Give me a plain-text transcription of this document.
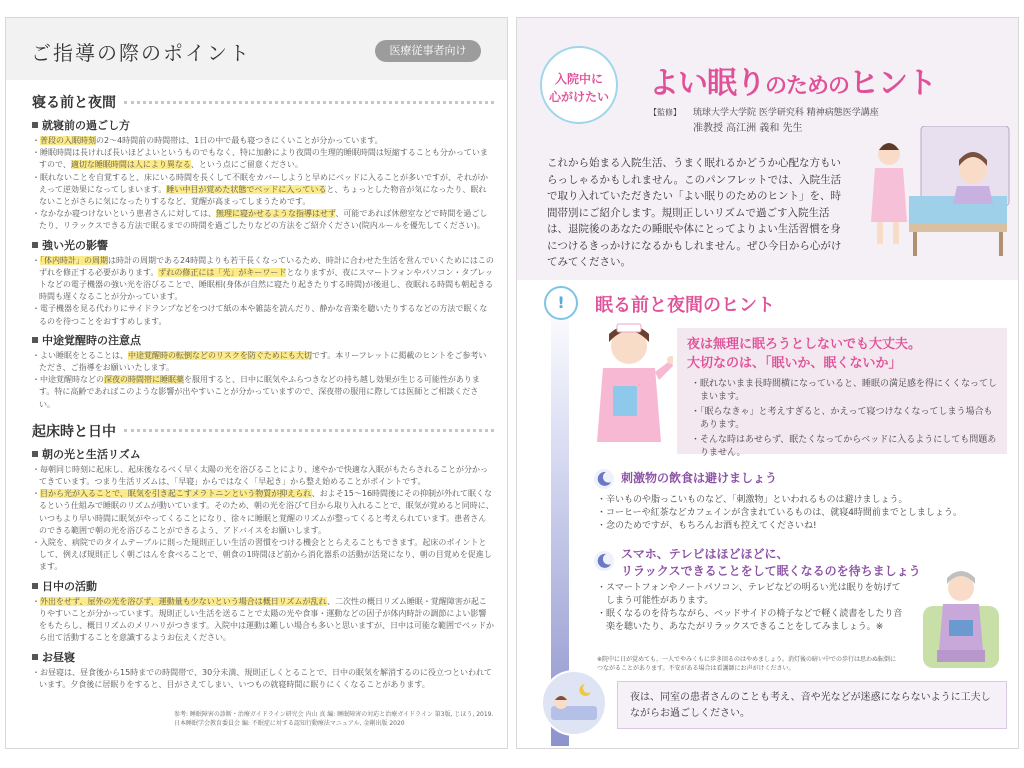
ご指導の際のポイント	医療従事者向け
寝る前と夜間
就寝前の過ごし方
・普段の入眠時刻の2〜4時間前の時間帯は、1日の中で最も寝つきにくいことが分かっています。
・睡眠時間は長ければ長いほどよいというものでもなく、特に加齢により夜間の生理的睡眠時間は短縮することも分かっていますので、適切な睡眠時間は人により異なる、という点にご留意ください。
・眠れないことを自覚すると、床にいる時間を長くして不眠をカバーしようと早めにベッドに入ることが多いですが、それがかえって逆効果になってしまいます。睡い中目が覚めた状態でベッドに入っていると、ちょっとした物音が気になったり、眠れないことがさらに気になったりするなど、覚醒が高まってしまうためです。
・なかなか寝つけないという患者さんに対しては、無理に寝かせるような指導はせず、可能であれば休憩室などで時間を過ごしたり、リラックスできる方法で眠るまでの時間を過ごしたりなどの方法をご紹介ください(院内ルールを優先してください)。
強い光の影響
・「体内時計」の周期は時計の周期である24時間よりも若干長くなっているため、時計に合わせた生活を営んでいくためにはこのずれを修正する必要があります。ずれの修正には「光」がキーワードとなりますが、夜にスマートフォンやパソコン・タブレットなどの電子機器の強い光を浴びることで、睡眠相(身体が自然に寝たり起きたりする時間)が後退し、夜眠れる時間も朝起きる時間も遅くなることが分かっています。
・電子機器を見る代わりにサイドランプなどをつけて紙の本や雑誌を読んだり、静かな音楽を聴いたりするなどの方法で眠くなるのを待つことをおすすめします。
中途覚醒時の注意点
・よい睡眠をとることは、中途覚醒時の転倒などのリスクを防ぐためにも大切です。本リーフレットに掲載のヒントをご参考いただき、ご指導をお願いいたします。
・中途覚醒時などの深夜の時間帯に睡眠薬を服用すると、日中に眠気やふらつきなどの持ち越し効果が生じる可能性があります。特に高齢であればこのような影響が出やすいことが分かっていますので、深夜帯の服用に際しては医師とご相談ください。
起床時と日中
朝の光と生活リズム
・毎朝同じ時刻に起床し、起床後なるべく早く太陽の光を浴びることにより、速やかで快適な入眠がもたらされることが分かってきています。つまり生活リズムは、「早寝」からではなく「早起き」から整え始めることがポイントです。
・目から光が入ることで、眠気を引き起こすメラトニンという物質が抑えられ、およそ15〜16時間後にその抑制が外れて眠くなるという仕組みで睡眠のリズムが動いています。そのため、朝の光を浴びて目から取り入れることで、眠気が覚めると同時に、いつもより早い時間に眠気がやってくることになり、徐々に睡眠と覚醒のリズムが整ってくると考えられています。患者さんのできる範囲で朝の光を浴びることができるよう、アドバイスをお願いします。
・入院を、病院でのタイムテーブルに則った規則正しい生活の習慣をつける機会ととらえることもできます。起床のポイントとして、例えば規則正しく朝ごはんを食べることで、朝食の1時間ほど前から消化器系の活動が活発になり、朝の目覚めを促進します。
日中の活動
・外出をせず、屋外の光を浴びず、運動量も少ないという場合は概日リズムが乱れ、二次性の概日リズム睡眠・覚醒障害が起こりやすいことが分かっています。規則正しい生活を送ることで太陽の光や食事・運動などの因子が体内時計の調節によい影響をもたらし、概日リズムのメリハリがつきます。入院中は運動は難しい場合も多いと思いますが、日中は可能な範囲でベッドから出て活動することを意識するようお伝えください。
お昼寝
・お昼寝は、昼食後から15時までの時間帯で、30分未満、規則正しくとることで、日中の眠気を解消するのに役立つといわれています。夕食後に居眠りをすると、目がさえてしまい、いつもの就寝時間に眠りにくくなることがあります。
参考: 睡眠障害の診断・治療ガイドライン研究会 内山 真 編: 睡眠障害の対応と治療ガイドライン 第3版, じほう, 2019. 日本睡眠学会教育委員会 編: 不眠症に対する認知行動療法マニュアル, 金剛出版 2020
入院中に
心がけたい よい眠りのためのヒント
【監修】 琉球大学大学院 医学研究科 精神病態医学講座
准教授 高江洲 義和 先生
これから始まる入院生活、うまく眠れるかどうか心配な方もいらっしゃるかもしれません。このパンフレットでは、入院生活で取り入れていただきたい「よい眠りのためのヒント」を、時間帯別にご紹介します。規則正しいリズムで過ごす入院生活は、退院後のあなたの睡眠や体にとってよりよい生活習慣を身につけるきっかけになるかもしれません。ぜひ今日から心がけてみてください。
!	眠る前と夜間のヒント
夜は無理に眠ろうとしないでも大丈夫。
大切なのは、「眠いか、眠くないか」
・眠れないまま長時間横になっていると、睡眠の満足感を得にくくなってしまいます。
・「眠らなきゃ」と考えすぎると、かえって寝つけなくなってしまう場合もあります。
・そんな時はあせらず、眠たくなってからベッドに入るようにしても問題ありません。
刺激物の飲食は避けましょう
・辛いものや脂っこいものなど、「刺激物」といわれるものは避けましょう。
・コーヒーや紅茶などカフェインが含まれているものは、就寝4時間前までとしましょう。
・念のためですが、もちろんお酒も控えてくださいね!
スマホ、テレビはほどほどに、
リラックスできることをして眠くなるのを待ちましょう
・スマートフォンやノートパソコン、テレビなどの明るい光は眠りを妨げてしまう可能性があります。
・眠くなるのを待ちながら、ベッドサイドの椅子などで軽く読書をしたり音楽を聴いたり、あなたがリラックスできることをしてみましょう。※
※院中に日が覚めても、一人でやみくもに歩き回るのはやめましょう。消灯後の暗い中での歩行は思わぬ転倒につながることがあります。不安がある場合は看護師にお声がけください。
夜は、同室の患者さんのことも考え、音や光などが迷惑にならないように工夫しながらお過ごしください。
